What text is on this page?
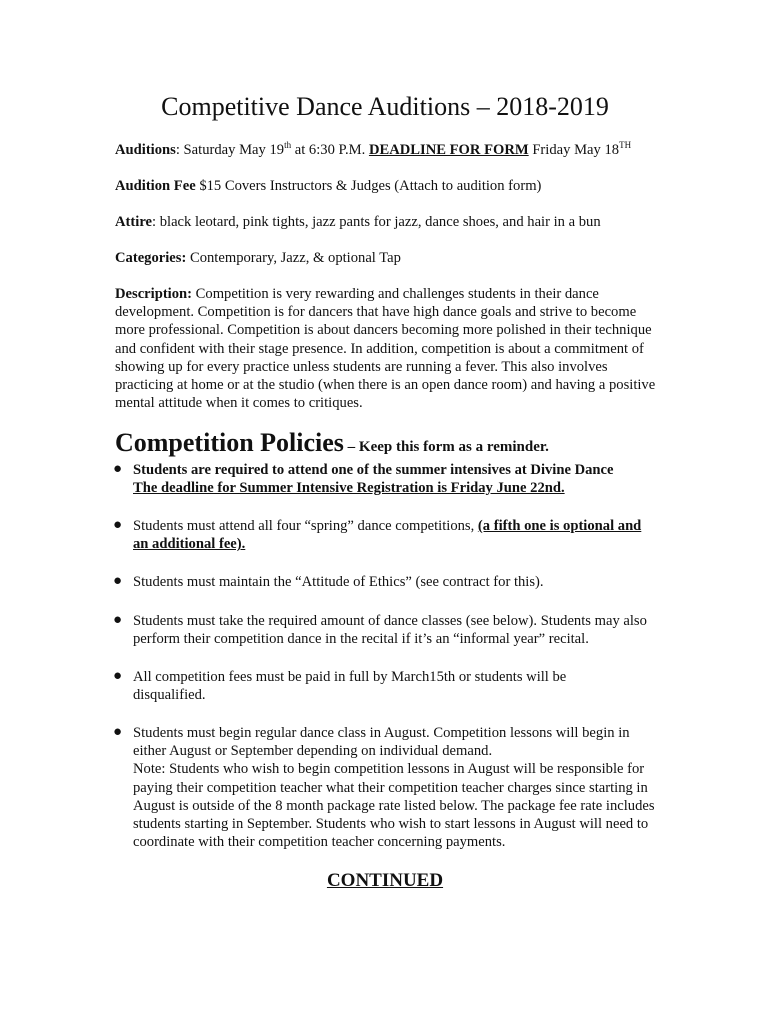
Competitive Dance Auditions – 2018-2019
Auditions: Saturday May 19th at 6:30 P.M. DEADLINE FOR FORM Friday May 18TH
Audition Fee $15 Covers Instructors & Judges (Attach to audition form)
Attire: black leotard, pink tights, jazz pants for jazz, dance shoes, and hair in a bun
Categories: Contemporary, Jazz, & optional Tap
Description: Competition is very rewarding and challenges students in their dance development. Competition is for dancers that have high dance goals and strive to become more professional. Competition is about dancers becoming more polished in their technique and confident with their stage presence. In addition, competition is about a commitment of showing up for every practice unless students are running a fever. This also involves practicing at home or at the studio (when there is an open dance room) and having a positive mental attitude when it comes to critiques.
Competition Policies – Keep this form as a reminder.
● Students are required to attend one of the summer intensives at Divine Dance
The deadline for Summer Intensive Registration is Friday June 22nd.
● Students must attend all four “spring” dance competitions, (a fifth one is optional and an additional fee).
● Students must maintain the “Attitude of Ethics” (see contract for this).
● Students must take the required amount of dance classes (see below). Students may also perform their competition dance in the recital if it’s an “informal year” recital.
● All competition fees must be paid in full by March15th or students will be disqualified.
● Students must begin regular dance class in August. Competition lessons will begin in either August or September depending on individual demand.
Note: Students who wish to begin competition lessons in August will be responsible for paying their competition teacher what their competition teacher charges since starting in August is outside of the 8 month package rate listed below. The package fee rate includes students starting in September. Students who wish to start lessons in August will need to coordinate with their competition teacher concerning payments.
CONTINUED
